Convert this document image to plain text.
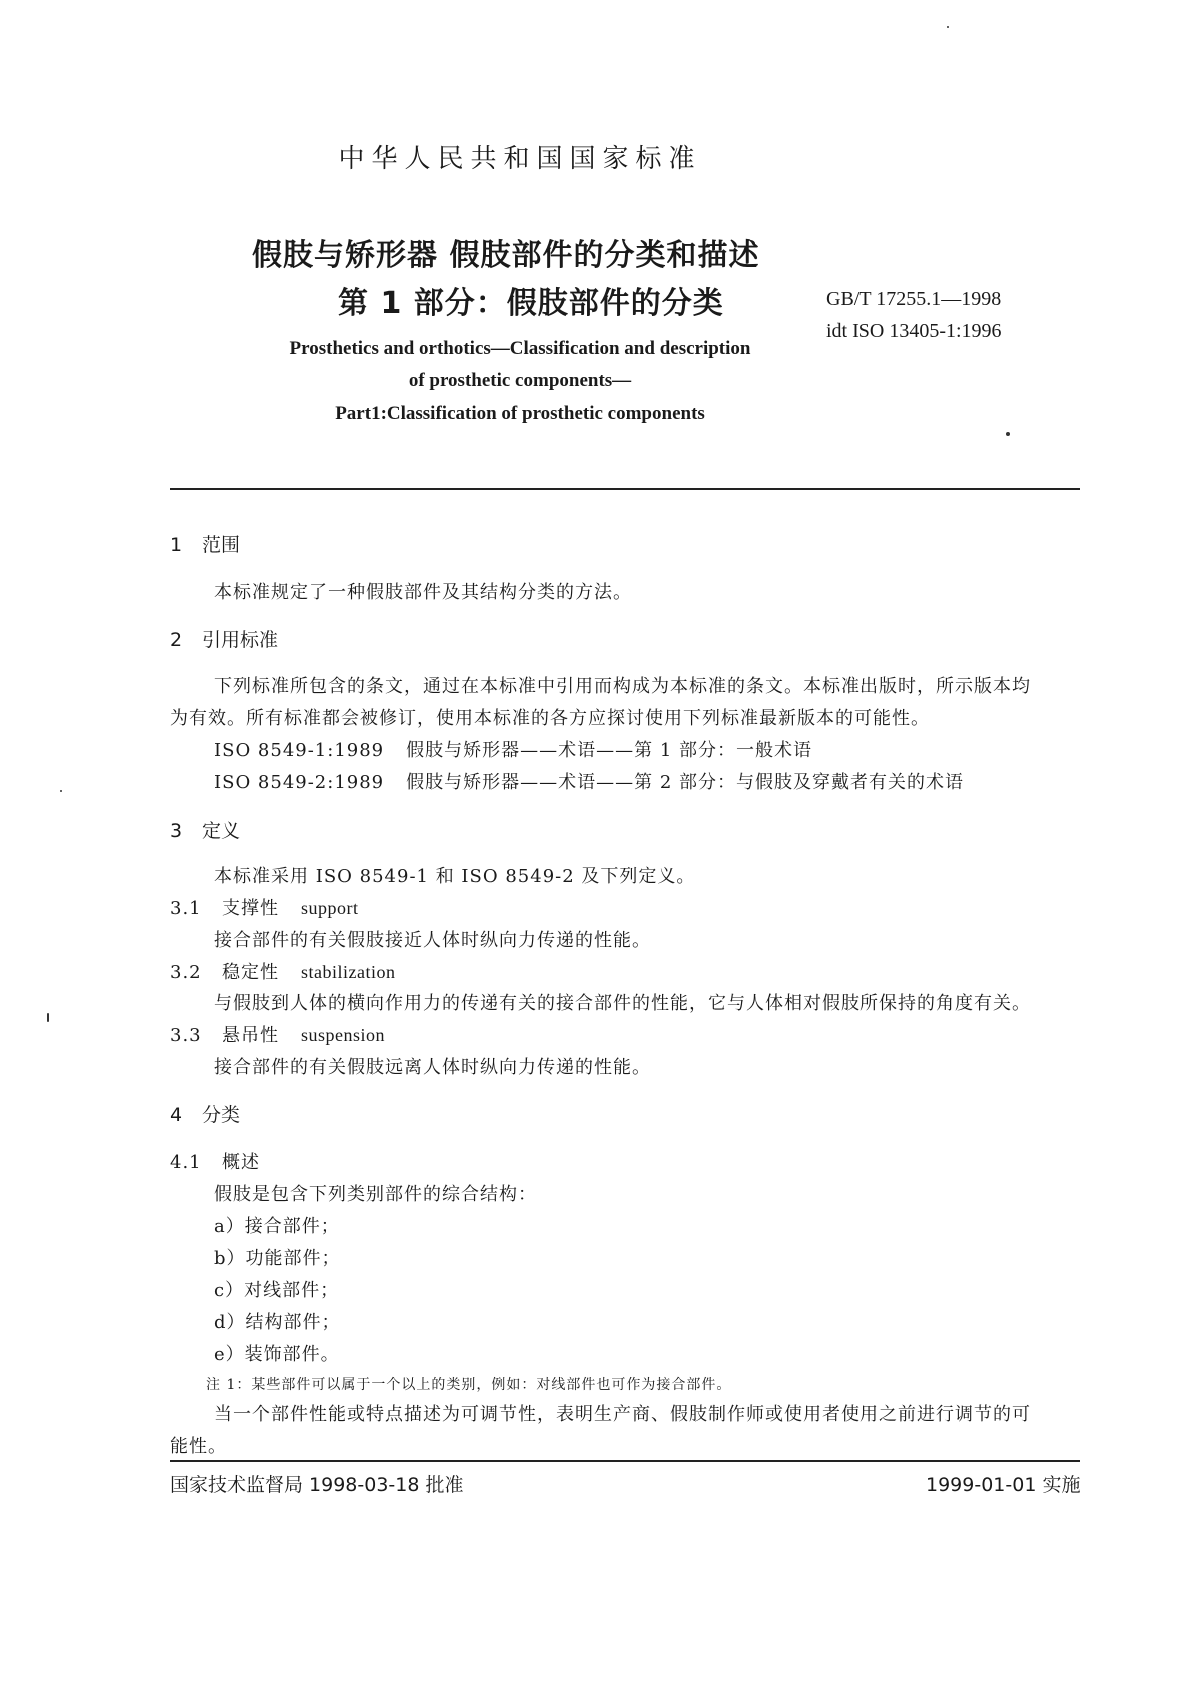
中华人民共和国国家标准
假肢与矫形器 假肢部件的分类和描述
第 1 部分：假肢部件的分类	GB/T 17255.1—1998
idt ISO 13405-1:1996
Prosthetics and orthotics—Classification and description
of prosthetic components—
Part1:Classification of prosthetic components
1 范围
本标准规定了一种假肢部件及其结构分类的方法。
2 引用标准
下列标准所包含的条文，通过在本标准中引用而构成为本标准的条文。本标准出版时，所示版本均
为有效。所有标准都会被修订，使用本标准的各方应探讨使用下列标准最新版本的可能性。
ISO 8549-1:1989 假肢与矫形器——术语——第 1 部分：一般术语
ISO 8549-2:1989 假肢与矫形器——术语——第 2 部分：与假肢及穿戴者有关的术语
3 定义
本标准采用 ISO 8549-1 和 ISO 8549-2 及下列定义。
3.1 支撑性 support
接合部件的有关假肢接近人体时纵向力传递的性能。
3.2 稳定性 stabilization
与假肢到人体的横向作用力的传递有关的接合部件的性能，它与人体相对假肢所保持的角度有关。
3.3 悬吊性 suspension
接合部件的有关假肢远离人体时纵向力传递的性能。
4 分类
4.1 概述
假肢是包含下列类别部件的综合结构：
a）接合部件；
b）功能部件；
c）对线部件；
d）结构部件；
e）装饰部件。
注 1：某些部件可以属于一个以上的类别，例如：对线部件也可作为接合部件。
当一个部件性能或特点描述为可调节性，表明生产商、假肢制作师或使用者使用之前进行调节的可
能性。
国家技术监督局 1998-03-18 批准	1999-01-01 实施
